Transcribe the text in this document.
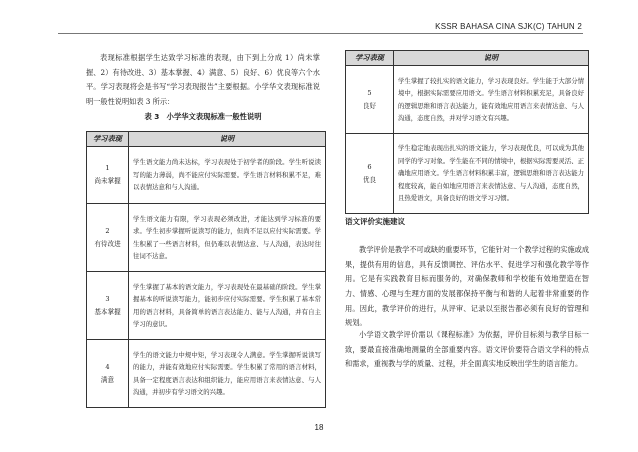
KSSR BAHASA CINA SJK(C) TAHUN 2

表现标准根据学生达致学习标准的表现，由下到上分成 1）尚未掌握、2）有待改进、3）基本掌握、4）满意、5）良好、6）优良等六个水平。学习表现将会是书写“学习表现报告”主要根据。小学华文表现标准说明一般性说明如表 3 所示：

表 3　小学华文表现标准一般性说明
学习表现	说明

1
尚未掌握	学生语文能力尚未达标，学习表现处于初学者的阶段。学生听说读写的能力薄弱，尚不能应付实际需要。学生语言材料积累不足，难以表情达意和与人沟通。

2
有待改进	学生语文能力有限，学习表现必须改进，才能达到学习标准的要求。学生初步掌握听说读写的能力，但尚不足以应付实际需要。学生积累了一些语言材料，但仍难以表情达意、与人沟通，表达时往往词不达意。

3
基本掌握	学生掌握了基本的语文能力，学习表现处在最基础的阶段。学生掌握基本的听说读写能力，能初步应付实际需要。学生积累了基本常用的语言材料，具备简单的语言表达能力、能与人沟通，并有自主学习的意识。

4
满意	学生的语文能力中规中矩，学习表现令人满意。学生掌握听说读写的能力，并能有效地应付实际需要。学生积累了常用的语言材料，具备一定程度语言表达和组织能力，能应用语言来表情达意、与人沟通，并初步有学习语文的兴趣。
学习表现	说明

5
良好	学生掌握了较扎实的语文能力，学习表现良好。学生能于大部分情境中，根据实际需要应用语文。学生语言材料积累充足，具备良好的逻辑思维和语言表达能力，能有效地应用语言来表情达意、与人沟通，态度自然，并对学习语文有兴趣。

6
优良	学生稳定地表现出扎实的语文能力，学习表现优良，可以成为其他同学的学习对象。学生能在不同的情境中，根据实际需要灵活、正确地应用语文。学生语言材料积累丰富，逻辑思维和语言表达能力程度较高，能自如地应用语言来表情达意、与人沟通，态度自然，且热爱语文，具备良好的语文学习习惯。
语文评价实施建议

教学评价是教学不可或缺的重要环节，它能针对一个教学过程的实施或成果，提供有用的信息，具有反馈调控、评估水平、促进学习和强化教学等作用。它是有实践教育目标而服务的，对确保教师和学校能有效地塑造在智力、情感、心理与生理方面的发展都保持平衡与和谐的人起着非常重要的作用。因此，教学评价的进行，从评审、记录以至报告都必须有良好的管理和规划。

小学语文教学评价需以《课程标准》为依据，评价目标须与教学目标一致，要最直接准确地测量的全部重要内容。语文评价要符合语文学科的特点和需求，重视教与学的质量、过程，并全面真实地反映出学生的语言能力。

18
